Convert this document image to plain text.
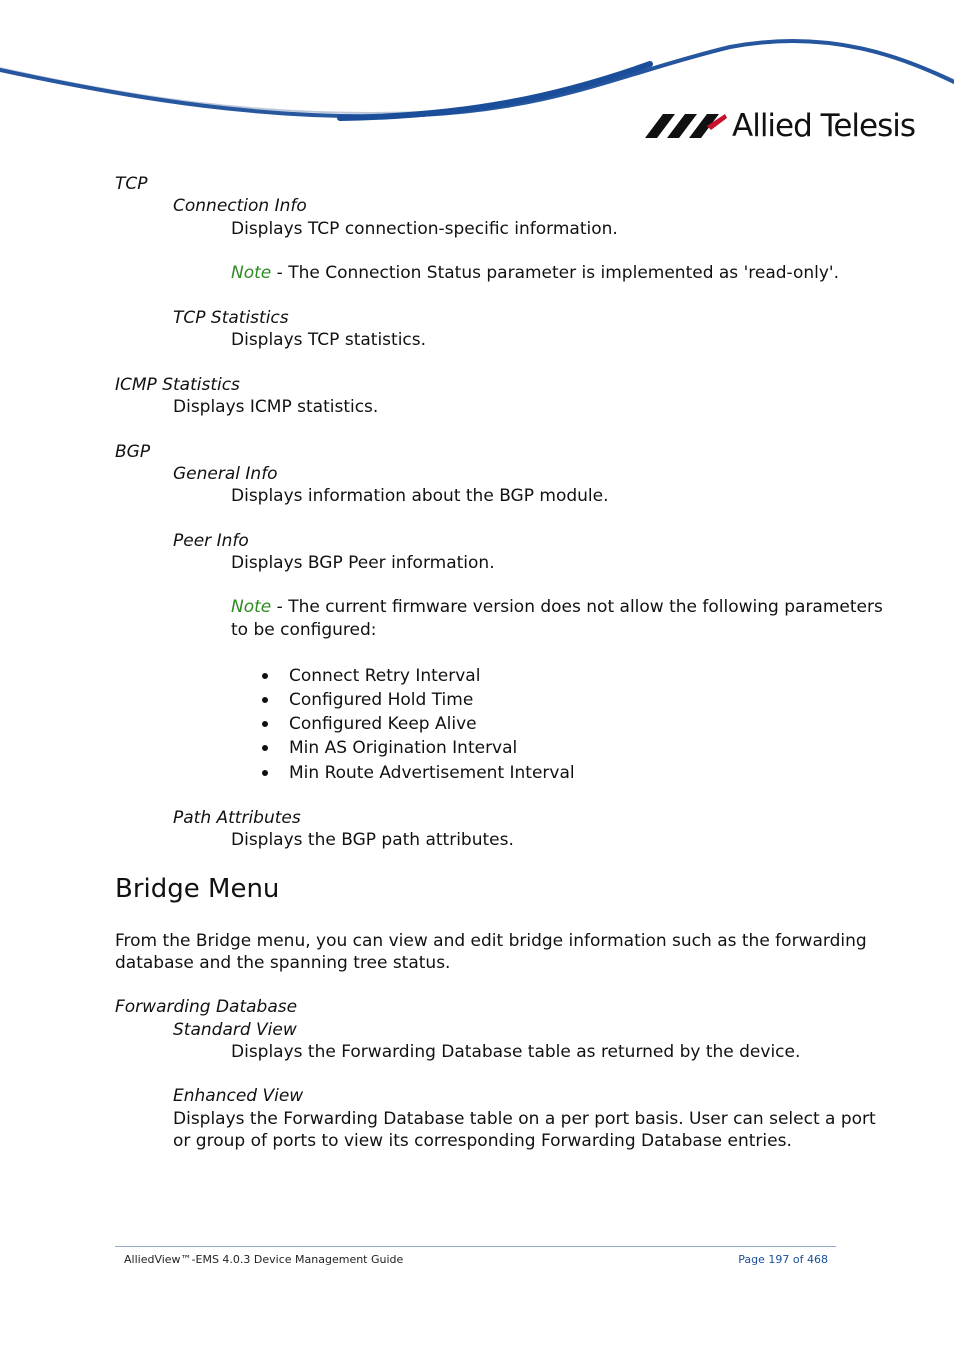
Allied Telesis
TCP
Connection Info
Displays TCP connection-specific information.
Note - The Connection Status parameter is implemented as 'read-only'.
TCP Statistics
Displays TCP statistics.
ICMP Statistics
Displays ICMP statistics.
BGP
General Info
Displays information about the BGP module.
Peer Info
Displays BGP Peer information.
Note - The current firmware version does not allow the following parameters
to be configured:
Connect Retry Interval
Configured Hold Time
Configured Keep Alive
Min AS Origination Interval
Min Route Advertisement Interval
Path Attributes
Displays the BGP path attributes.
Bridge Menu
From the Bridge menu, you can view and edit bridge information such as the forwarding
database and the spanning tree status.
Forwarding Database
Standard View
Displays the Forwarding Database table as returned by the device.
Enhanced View
Displays the Forwarding Database table on a per port basis. User can select a port
or group of ports to view its corresponding Forwarding Database entries.
AlliedView™-EMS 4.0.3 Device Management Guide	Page 197 of 468
